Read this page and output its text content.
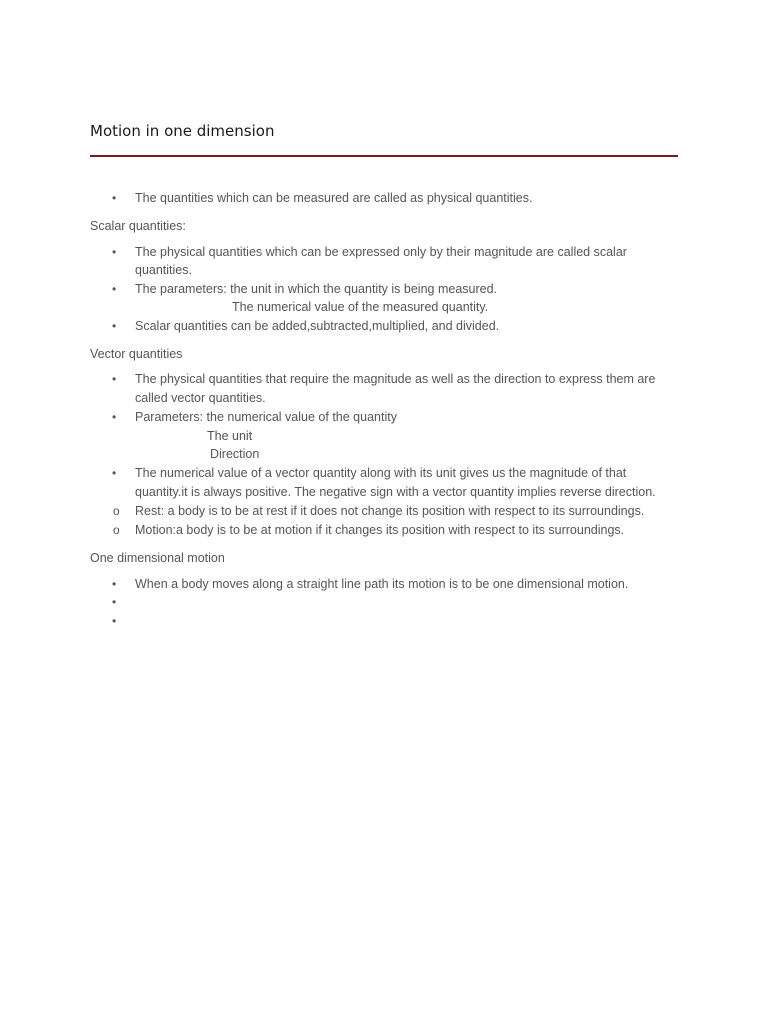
Motion in one dimension
• The quantities which can be measured are called as physical quantities.
Scalar quantities:
• The physical quantities which can be expressed only by their magnitude are called scalar
quantities.
• The parameters: the unit in which the quantity is being measured.
The numerical value of the measured quantity.
• Scalar quantities can be added,subtracted,multiplied, and divided.
Vector quantities
• The physical quantities that require the magnitude as well as the direction to express them are
called vector quantities.
• Parameters: the numerical value of the quantity
The unit
Direction
• The numerical value of a vector quantity along with its unit gives us the magnitude of that
quantity.it is always positive. The negative sign with a vector quantity implies reverse direction.
o Rest: a body is to be at rest if it does not change its position with respect to its surroundings.
o Motion:a body is to be at motion if it changes its position with respect to its surroundings.
One dimensional motion
• When a body moves along a straight line path its motion is to be one dimensional motion.
•
•
